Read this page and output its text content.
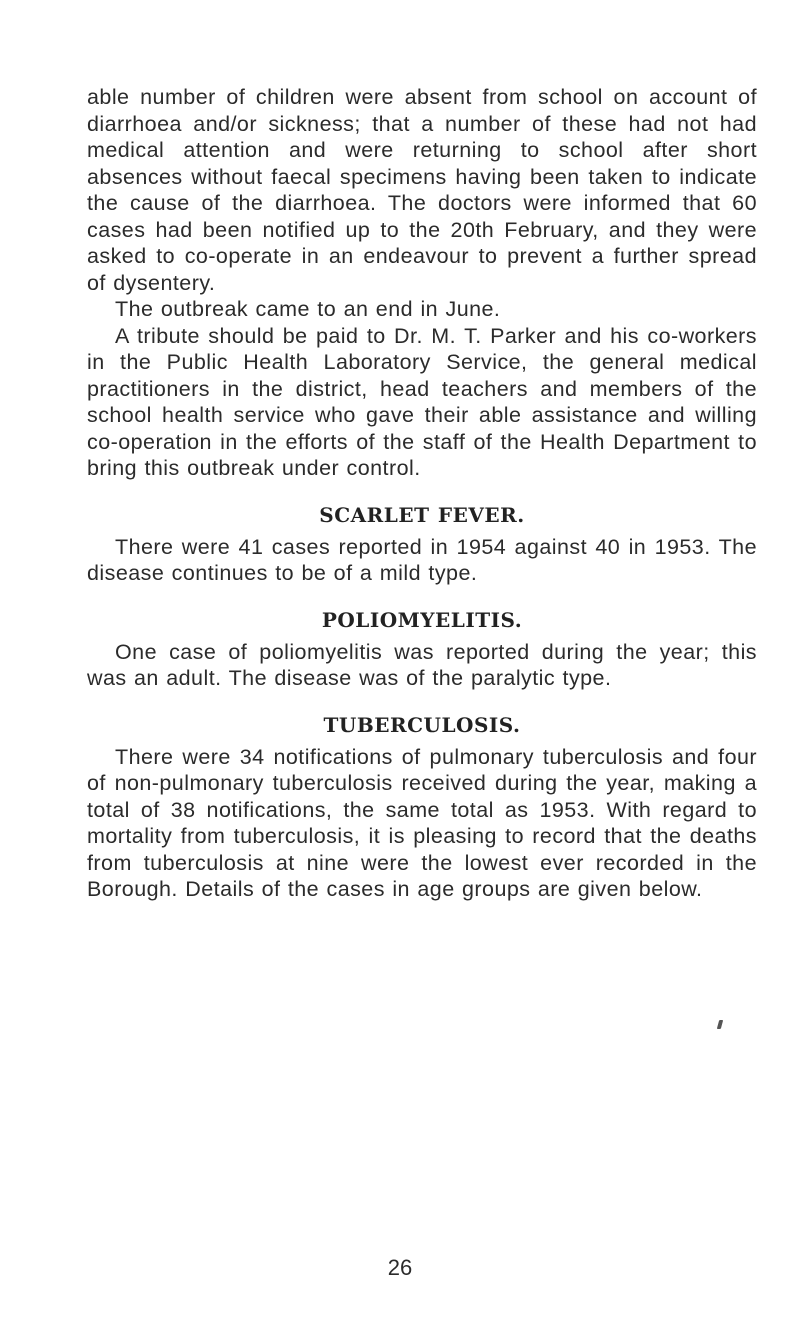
able number of children were absent from school on account of diarrhoea and/or sickness; that a number of these had not had medical attention and were returning to school after short absences without faecal specimens having been taken to indicate the cause of the diarrhoea. The doctors were informed that 60 cases had been notified up to the 20th February, and they were asked to co-operate in an endeavour to prevent a further spread of dysentery.

The outbreak came to an end in June.

A tribute should be paid to Dr. M. T. Parker and his co-workers in the Public Health Laboratory Service, the general medical practitioners in the district, head teachers and members of the school health service who gave their able assistance and willing co-operation in the efforts of the staff of the Health Department to bring this outbreak under control.

SCARLET FEVER.

There were 41 cases reported in 1954 against 40 in 1953. The disease continues to be of a mild type.

POLIOMYELITIS.

One case of poliomyelitis was reported during the year; this was an adult. The disease was of the paralytic type.

TUBERCULOSIS.

There were 34 notifications of pulmonary tuberculosis and four of non-pulmonary tuberculosis received during the year, making a total of 38 notifications, the same total as 1953. With regard to mortality from tuberculosis, it is pleasing to record that the deaths from tuberculosis at nine were the lowest ever recorded in the Borough. Details of the cases in age groups are given below.

26
